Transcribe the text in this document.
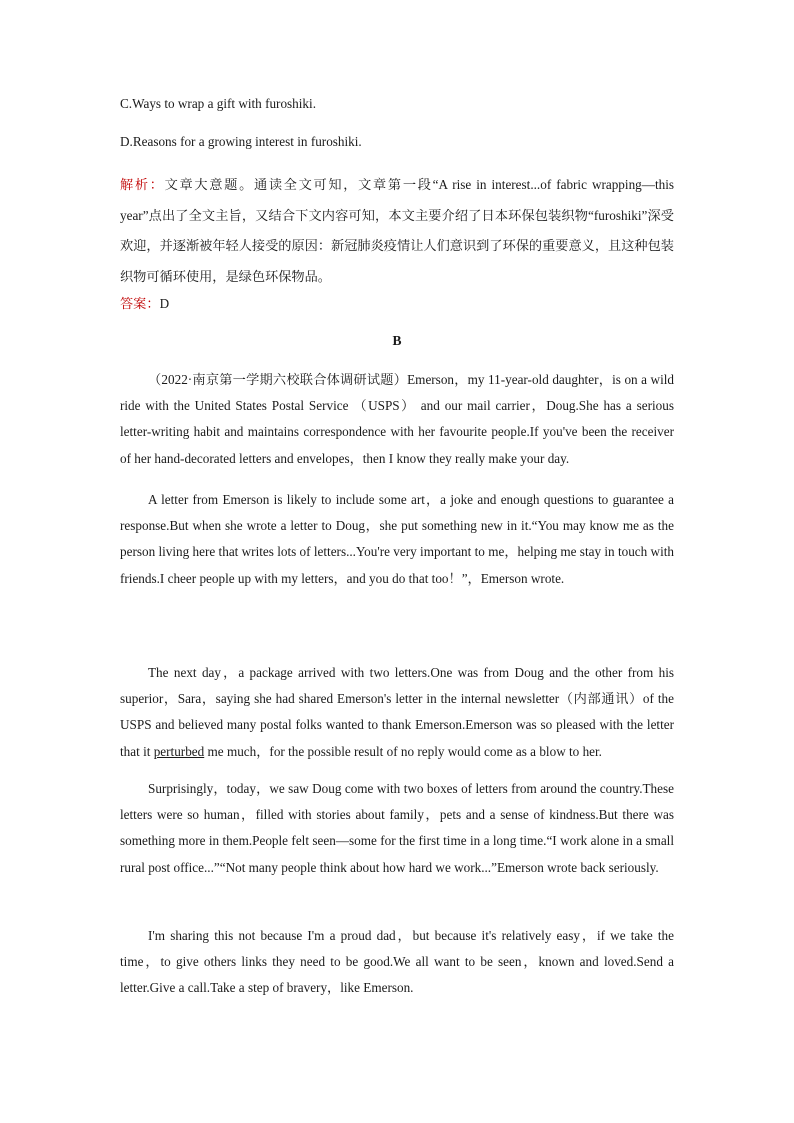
C.Ways to wrap a gift with furoshiki.
D.Reasons for a growing interest in furoshiki.
解析：文章大意题。通读全文可知，文章第一段“A rise in interest...of fabric wrapping—this year”点出了全文主旨，又结合下文内容可知，本文主要介绍了日本环保包装织物“furoshiki”深受欢迎，并逐渐被年轻人接受的原因：新冠肺炎疫情让人们意识到了环保的重要意义，且这种包装织物可循环使用，是绿色环保物品。
答案：D
B
（2022·南京第一学期六校联合体调研试题）Emerson，my 11-year-old daughter，is on a wild ride with the United States Postal Service （USPS） and our mail carrier，Doug.She has a serious letter-writing habit and maintains correspondence with her favourite people.If you've been the receiver of her hand-decorated letters and envelopes，then I know they really make your day.
A letter from Emerson is likely to include some art，a joke and enough questions to guarantee a response.But when she wrote a letter to Doug，she put something new in it.“You may know me as the person living here that writes lots of letters...You're very important to me，helping me stay in touch with friends.I cheer people up with my letters，and you do that too！”，Emerson wrote.
The next day，a package arrived with two letters.One was from Doug and the other from his superior，Sara，saying she had shared Emerson's letter in the internal newsletter（内部通讯）of the USPS and believed many postal folks wanted to thank Emerson.Emerson was so pleased with the letter that it perturbed me much，for the possible result of no reply would come as a blow to her.
Surprisingly，today，we saw Doug come with two boxes of letters from around the country.These letters were so human，filled with stories about family，pets and a sense of kindness.But there was something more in them.People felt seen—some for the first time in a long time.“I work alone in a small rural post office...”“Not many people think about how hard we work...”Emerson wrote back seriously.
I'm sharing this not because I'm a proud dad，but because it's relatively easy，if we take the time，to give others links they need to be good.We all want to be seen，known and loved.Send a letter.Give a call.Take a step of bravery，like Emerson.
